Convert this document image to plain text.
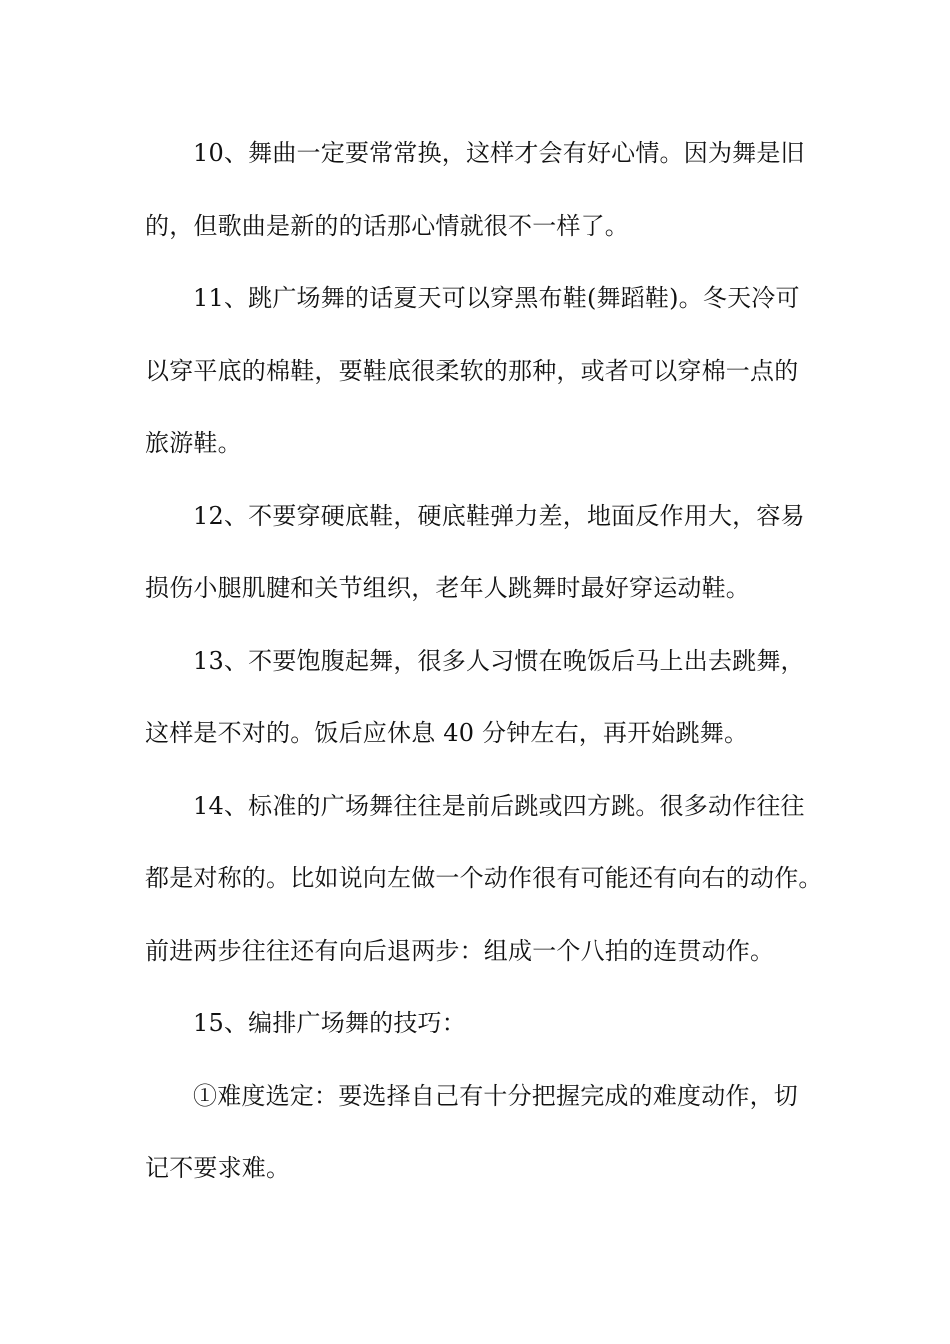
10、舞曲一定要常常换，这样才会有好心情。因为舞是旧
的，但歌曲是新的的话那心情就很不一样了。
11、跳广场舞的话夏天可以穿黑布鞋(舞蹈鞋)。冬天冷可
以穿平底的棉鞋，要鞋底很柔软的那种，或者可以穿棉一点的
旅游鞋。
12、不要穿硬底鞋，硬底鞋弹力差，地面反作用大，容易
损伤小腿肌腱和关节组织，老年人跳舞时最好穿运动鞋。
13、不要饱腹起舞，很多人习惯在晚饭后马上出去跳舞，
这样是不对的。饭后应休息 40 分钟左右，再开始跳舞。
14、标准的广场舞往往是前后跳或四方跳。很多动作往往
都是对称的。比如说向左做一个动作很有可能还有向右的动作。
前进两步往往还有向后退两步：组成一个八拍的连贯动作。
15、编排广场舞的技巧：
①难度选定：要选择自己有十分把握完成的难度动作，切
记不要求难。
